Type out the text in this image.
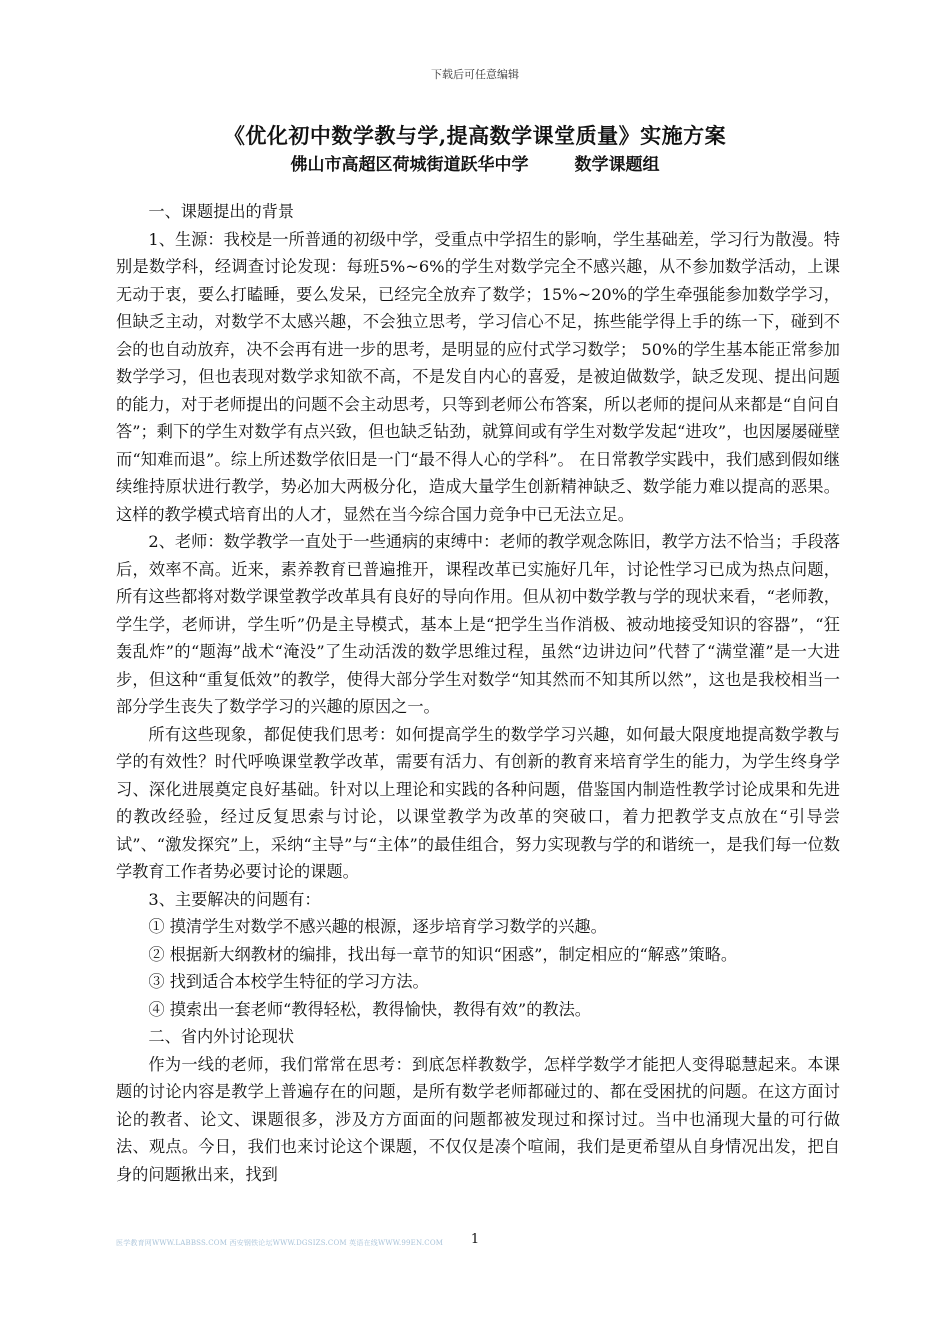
下载后可任意编辑
《优化初中数学教与学,提高数学课堂质量》实施方案
佛山市高超区荷城街道跃华中学	数学课题组

一、课题提出的背景

1、生源：我校是一所普通的初级中学，受重点中学招生的影响，学生基础差，学习行为散漫。特别是数学科，经调查讨论发现：每班5%~6%的学生对数学完全不感兴趣，从不参加数学活动，上课无动于衷，要么打瞌睡，要么发呆，已经完全放弃了数学；15%~20%的学生牵强能参加数学学习，但缺乏主动，对数学不太感兴趣，不会独立思考，学习信心不足，拣些能学得上手的练一下，碰到不会的也自动放弃，决不会再有进一步的思考，是明显的应付式学习数学； 50%的学生基本能正常参加数学学习，但也表现对数学求知欲不高，不是发自内心的喜爱，是被迫做数学，缺乏发现、提出问题的能力，对于老师提出的问题不会主动思考，只等到老师公布答案，所以老师的提问从来都是“自问自答”；剩下的学生对数学有点兴致，但也缺乏钻劲，就算间或有学生对数学发起“进攻”，也因屡屡碰壁而“知难而退”。综上所述数学依旧是一门“最不得人心的学科”。 在日常教学实践中，我们感到假如继续维持原状进行教学，势必加大两极分化，造成大量学生创新精神缺乏、数学能力难以提高的恶果。这样的教学模式培育出的人才，显然在当今综合国力竞争中已无法立足。

2、老师：数学教学一直处于一些通病的束缚中：老师的教学观念陈旧，教学方法不恰当；手段落后，效率不高。近来，素养教育已普遍推开，课程改革已实施好几年，讨论性学习已成为热点问题，所有这些都将对数学课堂教学改革具有良好的导向作用。但从初中数学教与学的现状来看，“老师教，学生学，老师讲，学生听”仍是主导模式，基本上是“把学生当作消极、被动地接受知识的容器”，“狂轰乱炸”的“题海”战术“淹没”了生动活泼的数学思维过程，虽然“边讲边问”代替了“满堂灌”是一大进步，但这种“重复低效”的教学，使得大部分学生对数学“知其然而不知其所以然”，这也是我校相当一部分学生丧失了数学学习的兴趣的原因之一。

所有这些现象，都促使我们思考：如何提高学生的数学学习兴趣，如何最大限度地提高数学教与学的有效性？时代呼唤课堂教学改革，需要有活力、有创新的教育来培育学生的能力，为学生终身学习、深化进展奠定良好基础。针对以上理论和实践的各种问题，借鉴国内制造性教学讨论成果和先进的教改经验，经过反复思索与讨论，以课堂教学为改革的突破口，着力把教学支点放在“引导尝试”、“激发探究”上，采纳“主导”与“主体”的最佳组合，努力实现教与学的和谐统一，是我们每一位数学教育工作者势必要讨论的课题。

3、主要解决的问题有：

① 摸清学生对数学不感兴趣的根源，逐步培育学习数学的兴趣。

② 根据新大纲教材的编排，找出每一章节的知识“困惑”，制定相应的“解惑”策略。

③ 找到适合本校学生特征的学习方法。

④ 摸索出一套老师“教得轻松，教得愉快，教得有效”的教法。

二、省内外讨论现状

作为一线的老师，我们常常在思考：到底怎样教数学，怎样学数学才能把人变得聪慧起来。本课题的讨论内容是教学上普遍存在的问题，是所有数学老师都碰过的、都在受困扰的问题。在这方面讨论的教者、论文、课题很多，涉及方方面面的问题都被发现过和探讨过。当中也涌现大量的可行做法、观点。今日，我们也来讨论这个课题，不仅仅是凑个喧闹，我们是更希望从自身情况出发，把自身的问题揪出来，找到

医学教育网WWW.LABBSS.COM 西安钢铁论坛WWW.DGSIZS.COM 英语在线WWW.99EN.COM	1
